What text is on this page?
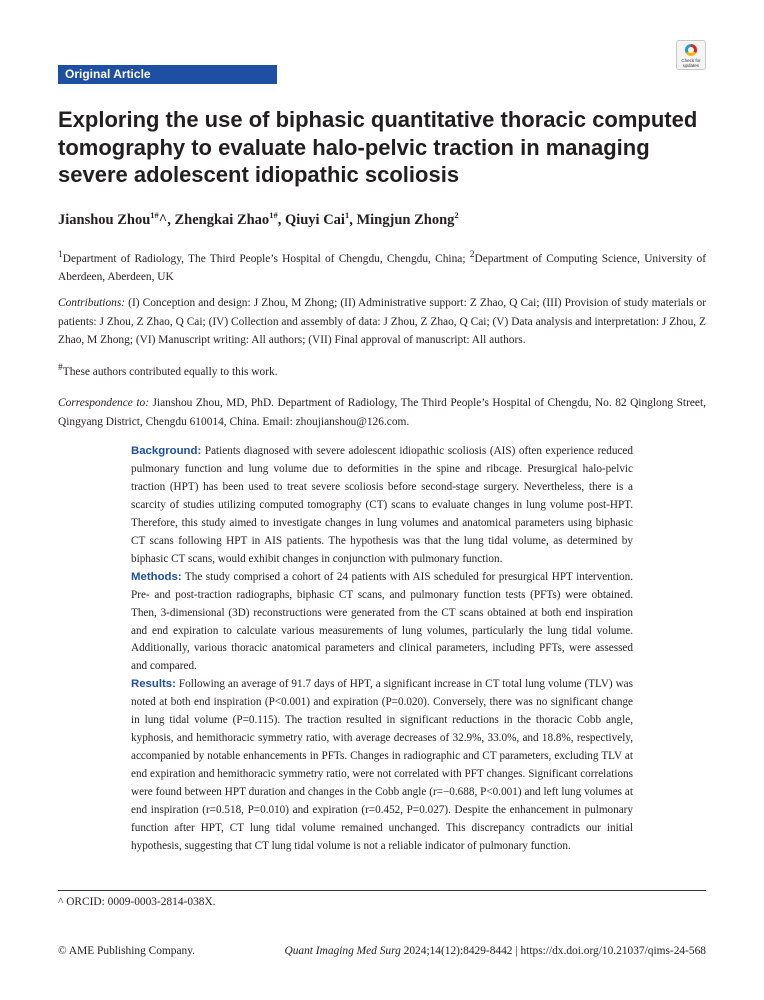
Original Article
Check for
updates
Exploring the use of biphasic quantitative thoracic computed tomography to evaluate halo-pelvic traction in managing severe adolescent idiopathic scoliosis
Jianshou Zhou$^{1\#}$^, Zhengkai Zhao$^{1\#}$, Qiuyi Cai$^1$, Mingjun Zhong$^2$
$^1$Department of Radiology, The Third People’s Hospital of Chengdu, Chengdu, China; $^2$Department of Computing Science, University of Aberdeen, Aberdeen, UK
Contributions: (I) Conception and design: J Zhou, M Zhong; (II) Administrative support: Z Zhao, Q Cai; (III) Provision of study materials or patients: J Zhou, Z Zhao, Q Cai; (IV) Collection and assembly of data: J Zhou, Z Zhao, Q Cai; (V) Data analysis and interpretation: J Zhou, Z Zhao, M Zhong; (VI) Manuscript writing: All authors; (VII) Final approval of manuscript: All authors.
#These authors contributed equally to this work.
Correspondence to: Jianshou Zhou, MD, PhD. Department of Radiology, The Third People’s Hospital of Chengdu, No. 82 Qinglong Street, Qingyang District, Chengdu 610014, China. Email: zhoujianshou@126.com.

Background: Patients diagnosed with severe adolescent idiopathic scoliosis (AIS) often experience reduced pulmonary function and lung volume due to deformities in the spine and ribcage. Presurgical halo-pelvic traction (HPT) has been used to treat severe scoliosis before second-stage surgery. Nevertheless, there is a scarcity of studies utilizing computed tomography (CT) scans to evaluate changes in lung volume post-HPT. Therefore, this study aimed to investigate changes in lung volumes and anatomical parameters using biphasic CT scans following HPT in AIS patients. The hypothesis was that the lung tidal volume, as determined by biphasic CT scans, would exhibit changes in conjunction with pulmonary function.

Methods: The study comprised a cohort of 24 patients with AIS scheduled for presurgical HPT intervention. Pre- and post-traction radiographs, biphasic CT scans, and pulmonary function tests (PFTs) were obtained. Then, 3-dimensional (3D) reconstructions were generated from the CT scans obtained at both end inspiration and end expiration to calculate various measurements of lung volumes, particularly the lung tidal volume. Additionally, various thoracic anatomical parameters and clinical parameters, including PFTs, were assessed and compared.

Results: Following an average of 91.7 days of HPT, a significant increase in CT total lung volume (TLV) was noted at both end inspiration (P<0.001) and expiration (P=0.020). Conversely, there was no significant change in lung tidal volume (P=0.115). The traction resulted in significant reductions in the thoracic Cobb angle, kyphosis, and hemithoracic symmetry ratio, with average decreases of 32.9%, 33.0%, and 18.8%, respectively, accompanied by notable enhancements in PFTs. Changes in radiographic and CT parameters, excluding TLV at end expiration and hemithoracic symmetry ratio, were not correlated with PFT changes. Significant correlations were found between HPT duration and changes in the Cobb angle (r=−0.688, P<0.001) and left lung volumes at end inspiration (r=0.518, P=0.010) and expiration (r=0.452, P=0.027). Despite the enhancement in pulmonary function after HPT, CT lung tidal volume remained unchanged. This discrepancy contradicts our initial hypothesis, suggesting that CT lung tidal volume is not a reliable indicator of pulmonary function.

^ ORCID: 0009-0003-2814-038X.
© AME Publishing Company.	Quant Imaging Med Surg 2024;14(12):8429-8442 | https://dx.doi.org/10.21037/qims-24-568
